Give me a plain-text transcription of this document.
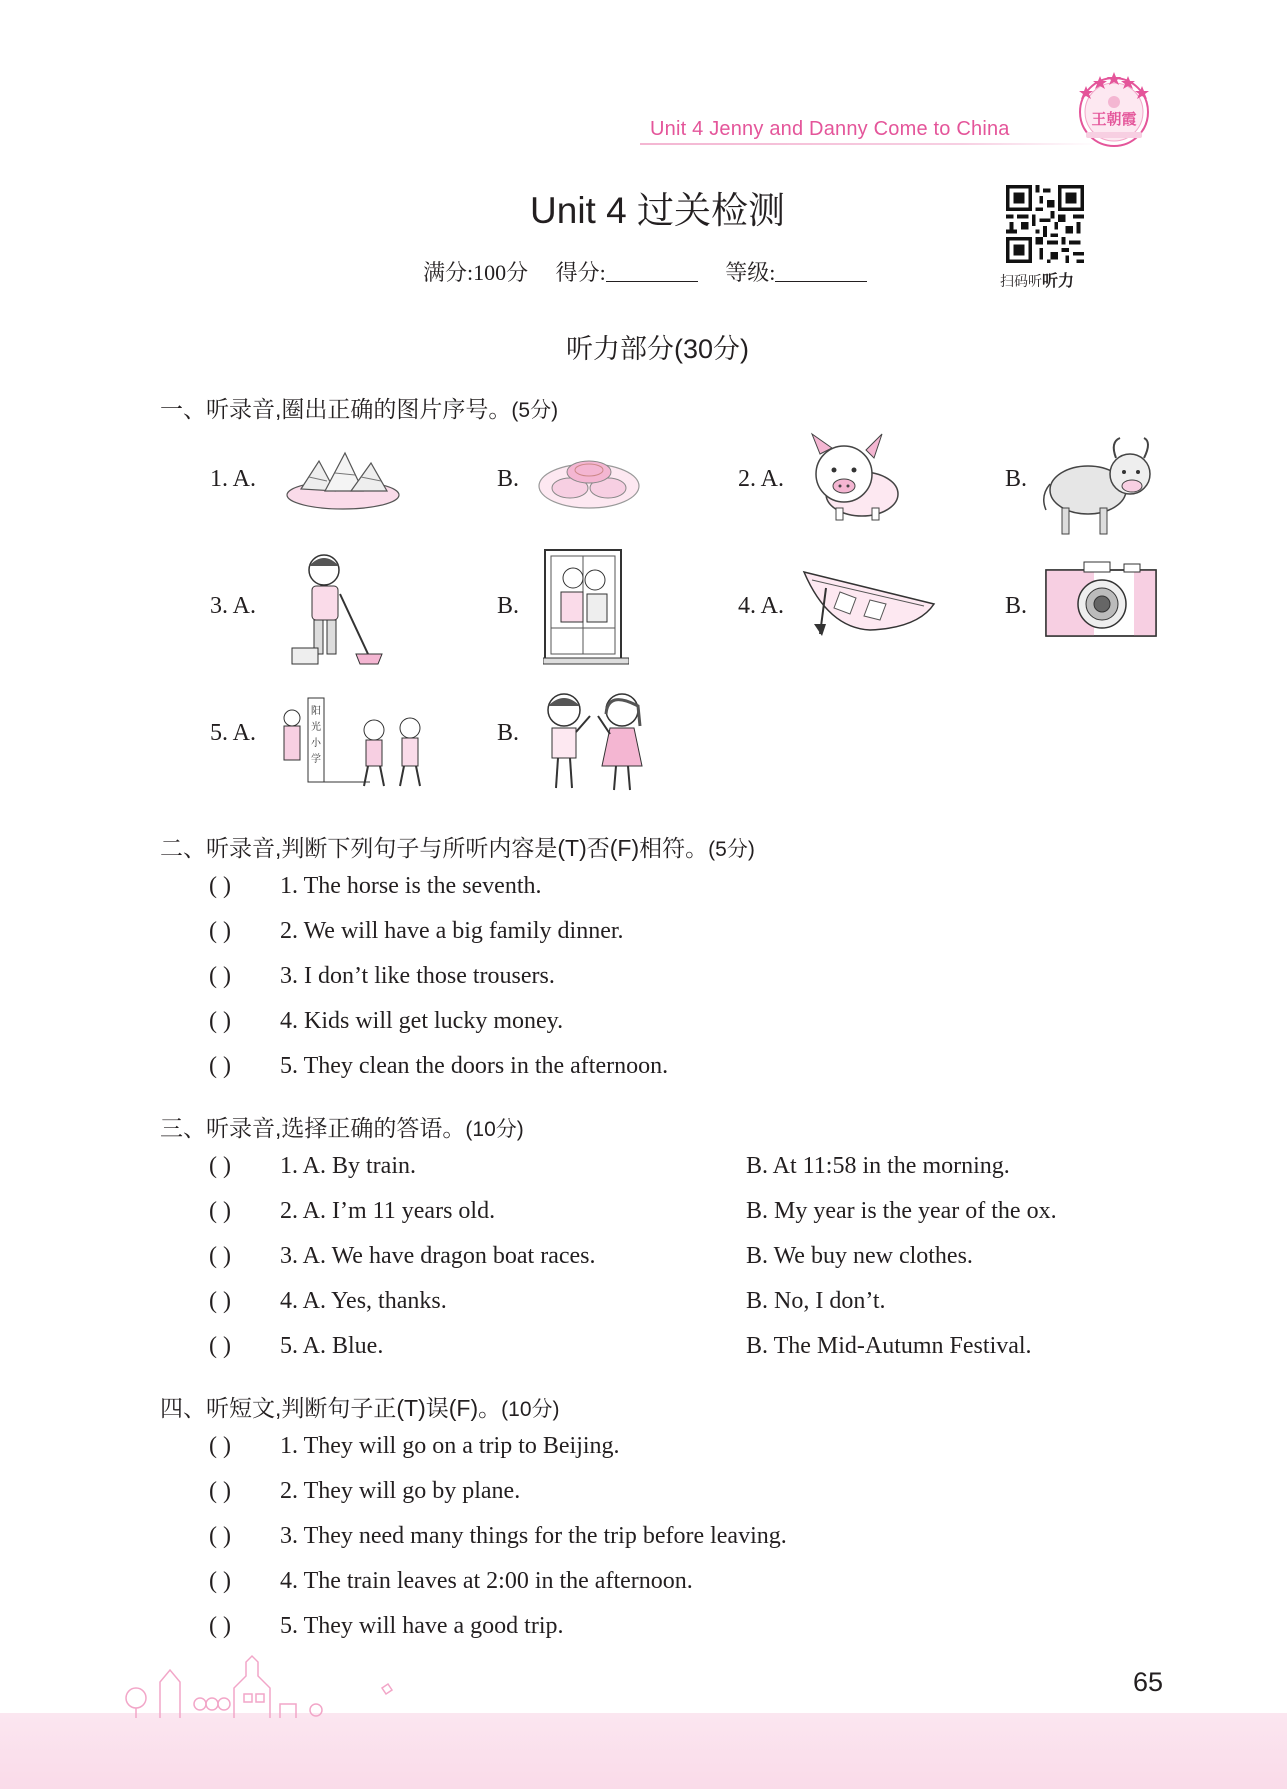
Unit 4 Jenny and Danny Come to China	王朝霞
Unit 4 过关检测
满分:100分 得分:	等级:	扫码听听力
听力部分(30分)
一、听录音,圈出正确的图片序号。(5分)
1. A.	B.	2. A.	B.
3. A.	B.	4. A.	B.
5. A.
阳
光
小
学
B.
二、听录音,判断下列句子与所听内容是(T)否(F)相符。(5分)
( ) 1. The horse is the seventh.
( ) 2. We will have a big family dinner.
( ) 3. I don’t like those trousers.
( ) 4. Kids will get lucky money.
( ) 5. They clean the doors in the afternoon.
三、听录音,选择正确的答语。(10分)
( ) 1. A. By train.	B. At 11:58 in the morning.
( ) 2. A. I’m 11 years old.	B. My year is the year of the ox.
( ) 3. A. We have dragon boat races.	B. We buy new clothes.
( ) 4. A. Yes, thanks.	B. No, I don’t.
( ) 5. A. Blue.	B. The Mid-Autumn Festival.
四、听短文,判断句子正(T)误(F)。(10分)
( ) 1. They will go on a trip to Beijing.
( ) 2. They will go by plane.
( ) 3. They need many things for the trip before leaving.
( ) 4. The train leaves at 2:00 in the afternoon.
( ) 5. They will have a good trip.
65
